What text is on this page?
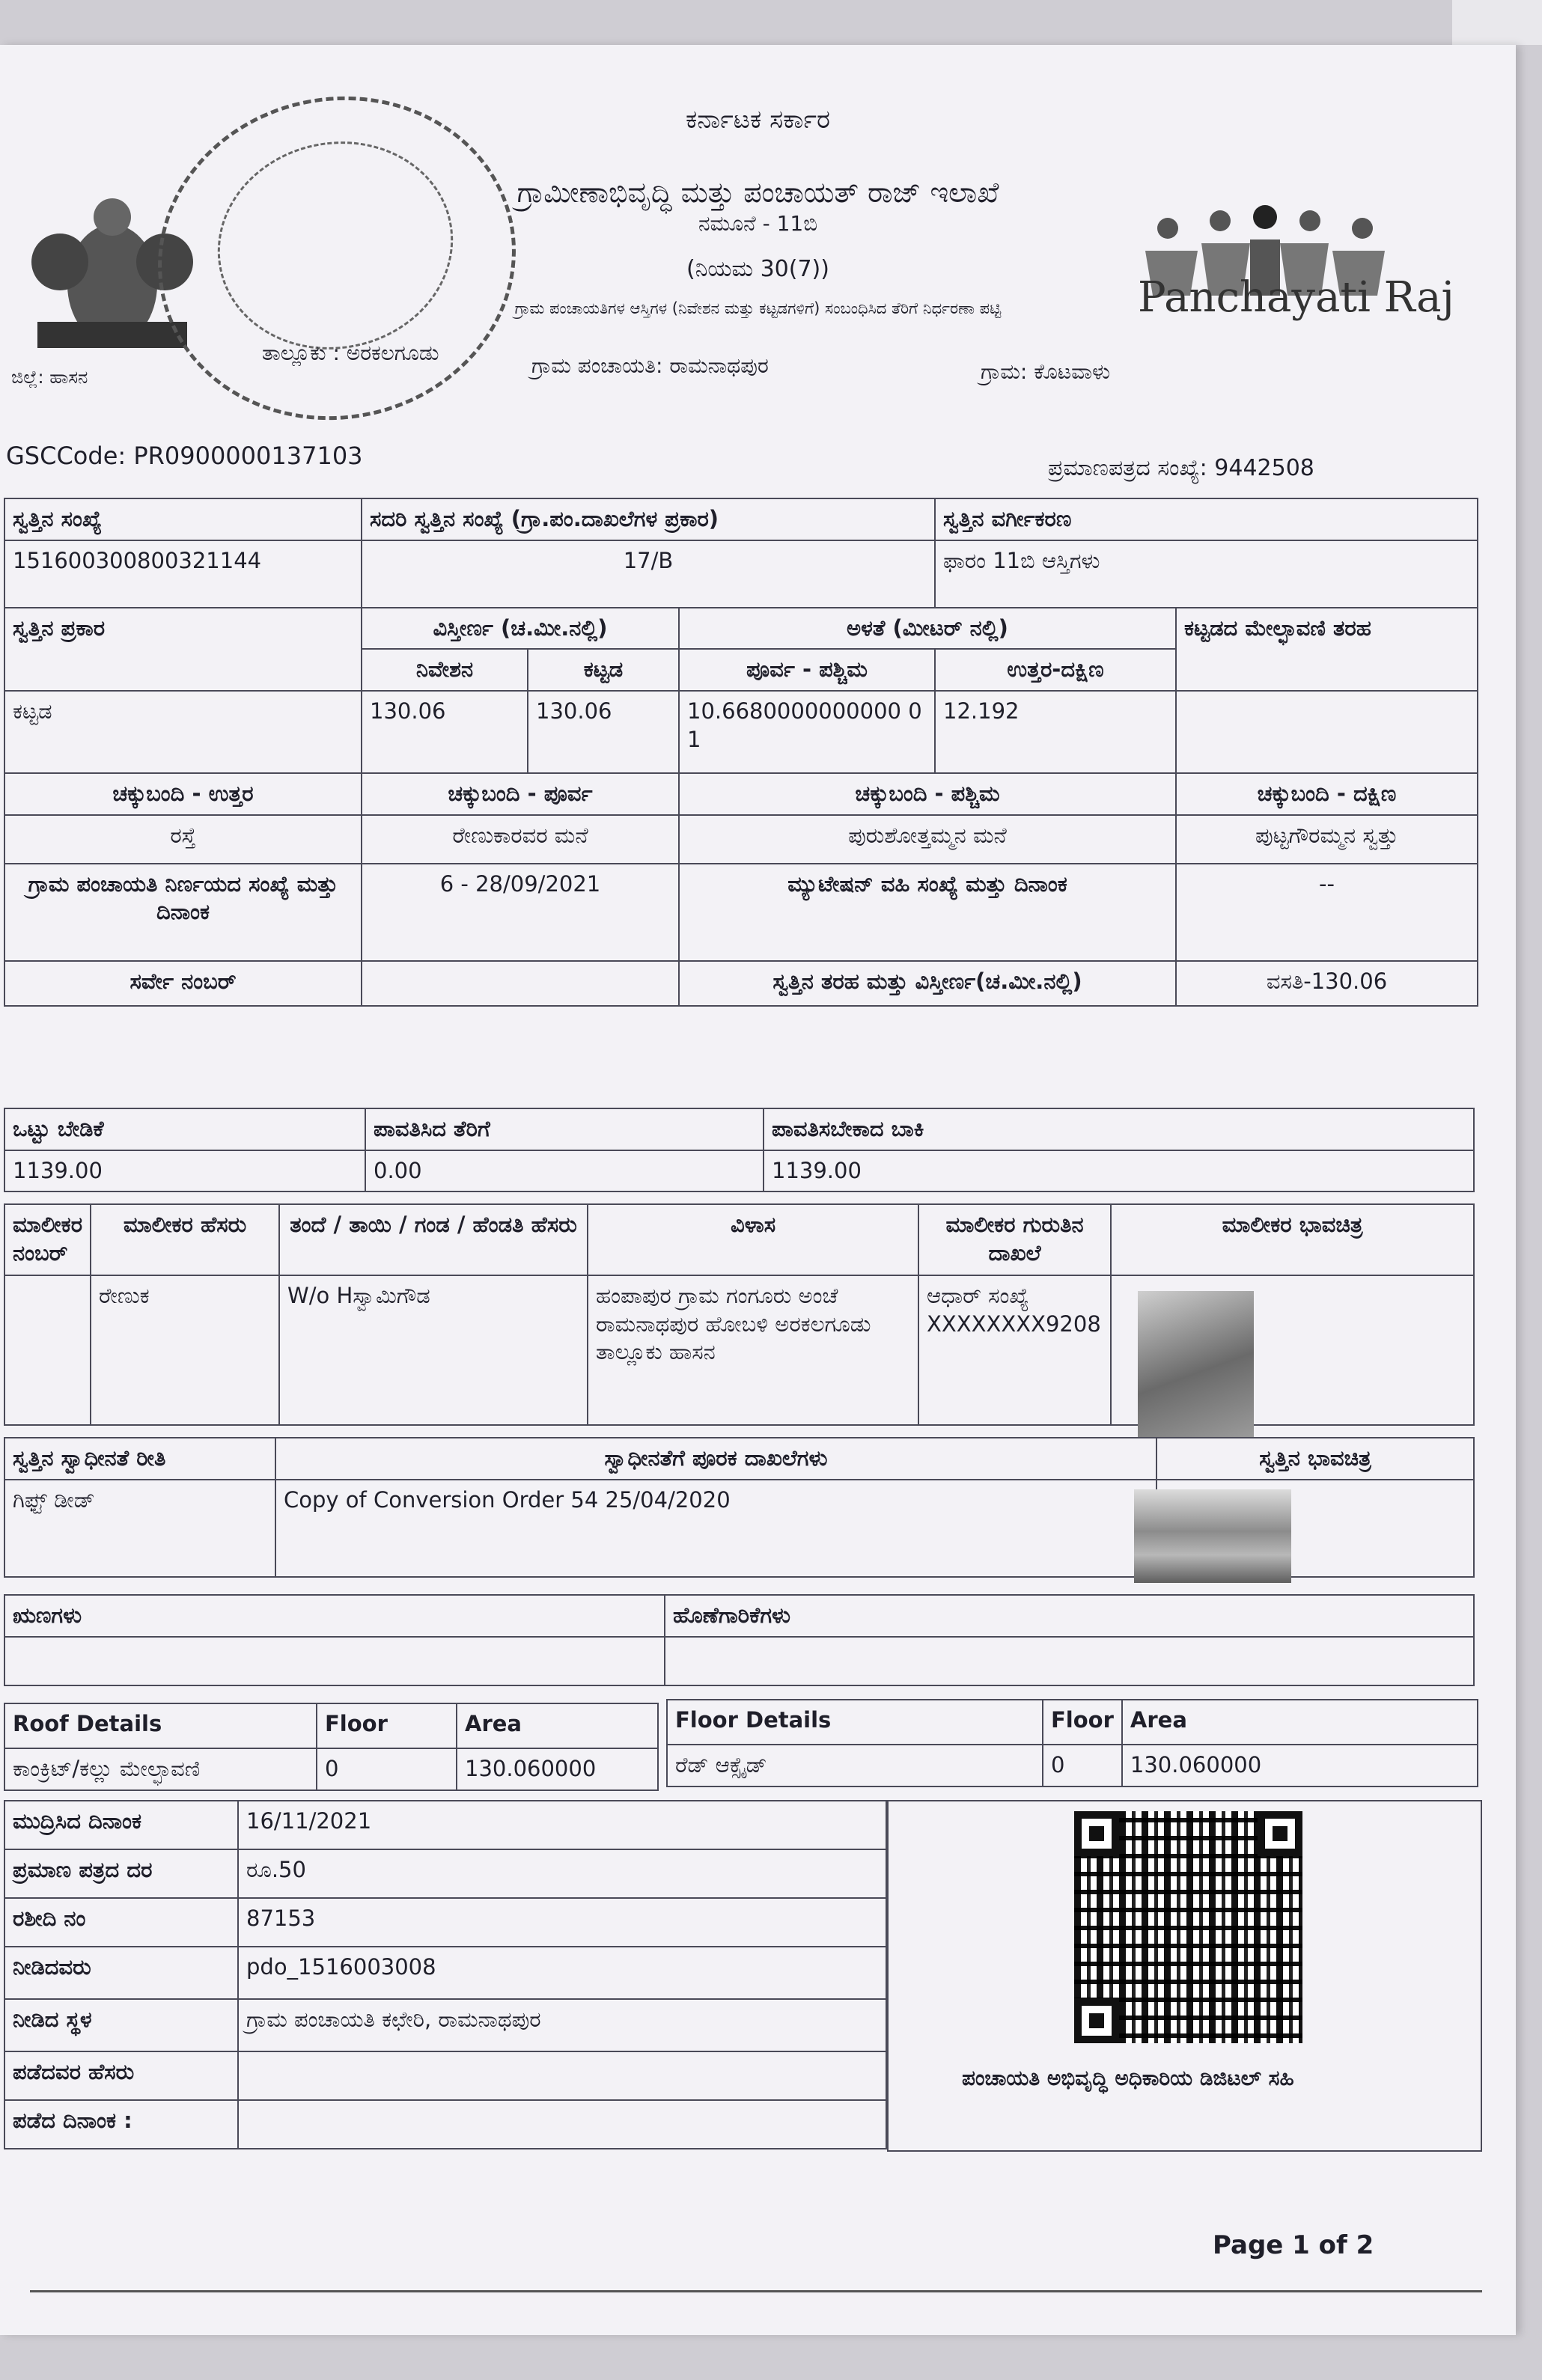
Panchayati Raj
ಕರ್ನಾಟಕ ಸರ್ಕಾರ
ಗ್ರಾಮೀಣಾಭಿವೃದ್ಧಿ ಮತ್ತು ಪಂಚಾಯತ್ ರಾಜ್ ಇಲಾಖೆ
ನಮೂನೆ - 11ಬಿ
(ನಿಯಮ 30(7))
ಗ್ರಾಮ ಪಂಚಾಯತಿಗಳ ಆಸ್ತಿಗಳ (ನಿವೇಶನ ಮತ್ತು ಕಟ್ಟಡಗಳಿಗೆ) ಸಂಬಂಧಿಸಿದ ತೆರಿಗೆ ನಿರ್ಧರಣಾ ಪಟ್ಟಿ
ಜಿಲ್ಲೆ: ಹಾಸನ
ತಾಲ್ಲೂಕು : ಅರಕಲಗೂಡು
ಗ್ರಾಮ ಪಂಚಾಯತಿ: ರಾಮನಾಥಪುರ	ಗ್ರಾಮ: ಕೊಟವಾಳು
GSCCode: PR0900000137103	ಪ್ರಮಾಣಪತ್ರದ ಸಂಖ್ಯೆ: 9442508
ಸ್ವತ್ತಿನ ಸಂಖ್ಯೆ	ಸದರಿ ಸ್ವತ್ತಿನ ಸಂಖ್ಯೆ (ಗ್ರಾ.ಪಂ.ದಾಖಲೆಗಳ ಪ್ರಕಾರ)			ಸ್ವತ್ತಿನ ವರ್ಗೀಕರಣ	
151600300800321144	17/B			ಫಾರಂ 11ಬಿ ಆಸ್ತಿಗಳು	
ಸ್ವತ್ತಿನ ಪ್ರಕಾರ	ವಿಸ್ತೀರ್ಣ (ಚ.ಮೀ.ನಲ್ಲಿ)		ಅಳತೆ (ಮೀಟರ್ ನಲ್ಲಿ)		ಕಟ್ಟಡದ ಮೇಲ್ಛಾವಣಿ ತರಹ
	ನಿವೇಶನ	ಕಟ್ಟಡ	ಪೂರ್ವ - ಪಶ್ಚಿಮ	ಉತ್ತರ-ದಕ್ಷಿಣ	
ಕಟ್ಟಡ	130.06	130.06	10.6680000000000 01	12.192	
ಚಕ್ಕುಬಂದಿ - ಉತ್ತರ	ಚಕ್ಕುಬಂದಿ - ಪೂರ್ವ		ಚಕ್ಕುಬಂದಿ - ಪಶ್ಚಿಮ		ಚಕ್ಕುಬಂದಿ - ದಕ್ಷಿಣ
ರಸ್ತೆ	ರೇಣುಕಾರವರ ಮನೆ		ಪುರುಶೋತ್ತಮ್ಮನ ಮನೆ		ಪುಟ್ಟಗೌರಮ್ಮನ ಸ್ವತ್ತು
ಗ್ರಾಮ ಪಂಚಾಯತಿ ನಿರ್ಣಯದ ಸಂಖ್ಯೆ ಮತ್ತು ದಿನಾಂಕ	6 - 28/09/2021		ಮ್ಯುಟೇಷನ್ ವಹಿ ಸಂಖ್ಯೆ ಮತ್ತು ದಿನಾಂಕ		--
ಸರ್ವೇ ನಂಬರ್			ಸ್ವತ್ತಿನ ತರಹ ಮತ್ತು ವಿಸ್ತೀರ್ಣ(ಚ.ಮೀ.ನಲ್ಲಿ)		ವಸತಿ-130.06
ಒಟ್ಟು ಬೇಡಿಕೆ	ಪಾವತಿಸಿದ ತೆರಿಗೆ	ಪಾವತಿಸಬೇಕಾದ ಬಾಕಿ
1139.00	0.00	1139.00
ಮಾಲೀಕರ ನಂಬರ್	ಮಾಲೀಕರ ಹೆಸರು	ತಂದೆ / ತಾಯಿ / ಗಂಡ / ಹೆಂಡತಿ ಹೆಸರು	ವಿಳಾಸ	ಮಾಲೀಕರ ಗುರುತಿನ ದಾಖಲೆ	ಮಾಲೀಕರ ಭಾವಚಿತ್ರ
	ರೇಣುಕ	W/o Hಸ್ವಾಮಿಗೌಡ	ಹಂಪಾಪುರ ಗ್ರಾಮ ಗಂಗೂರು ಅಂಚೆ ರಾಮನಾಥಪುರ ಹೋಬಳಿ ಅರಕಲಗೂಡು ತಾಲ್ಲೂಕು ಹಾಸನ	ಆಧಾರ್ ಸಂಖ್ಯೆ
XXXXXXXX9208	

ಸ್ವತ್ತಿನ ಸ್ವಾಧೀನತೆ ರೀತಿ	ಸ್ವಾಧೀನತೆಗೆ ಪೂರಕ ದಾಖಲೆಗಳು	ಸ್ವತ್ತಿನ ಭಾವಚಿತ್ರ
ಗಿಫ್ಟ್ ಡೀಡ್	Copy of Conversion Order 54 25/04/2020	
ಋಣಗಳು	ಹೊಣೆಗಾರಿಕೆಗಳು

Roof Details	Floor	Area
ಕಾಂಕ್ರಿಟ್/ಕಲ್ಲು ಮೇಲ್ಛಾವಣಿ	0	130.060000
Floor Details	Floor	Area
ರೆಡ್ ಆಕ್ಸೈಡ್	0	130.060000
ಮುದ್ರಿಸಿದ ದಿನಾಂಕ	16/11/2021
ಪ್ರಮಾಣ ಪತ್ರದ ದರ	ರೂ.50
ರಶೀದಿ ನಂ	87153
ನೀಡಿದವರು	pdo_1516003008
ನೀಡಿದ ಸ್ಥಳ	ಗ್ರಾಮ ಪಂಚಾಯತಿ ಕಛೇರಿ, ರಾಮನಾಥಪುರ
ಪಡೆದವರ ಹೆಸರು	
ಪಡೆದ ದಿನಾಂಕ :	
ಪಂಚಾಯತಿ ಅಭಿವೃದ್ಧಿ ಅಧಿಕಾರಿಯ ಡಿಜಿಟಲ್ ಸಹಿ
Page 1 of 2
